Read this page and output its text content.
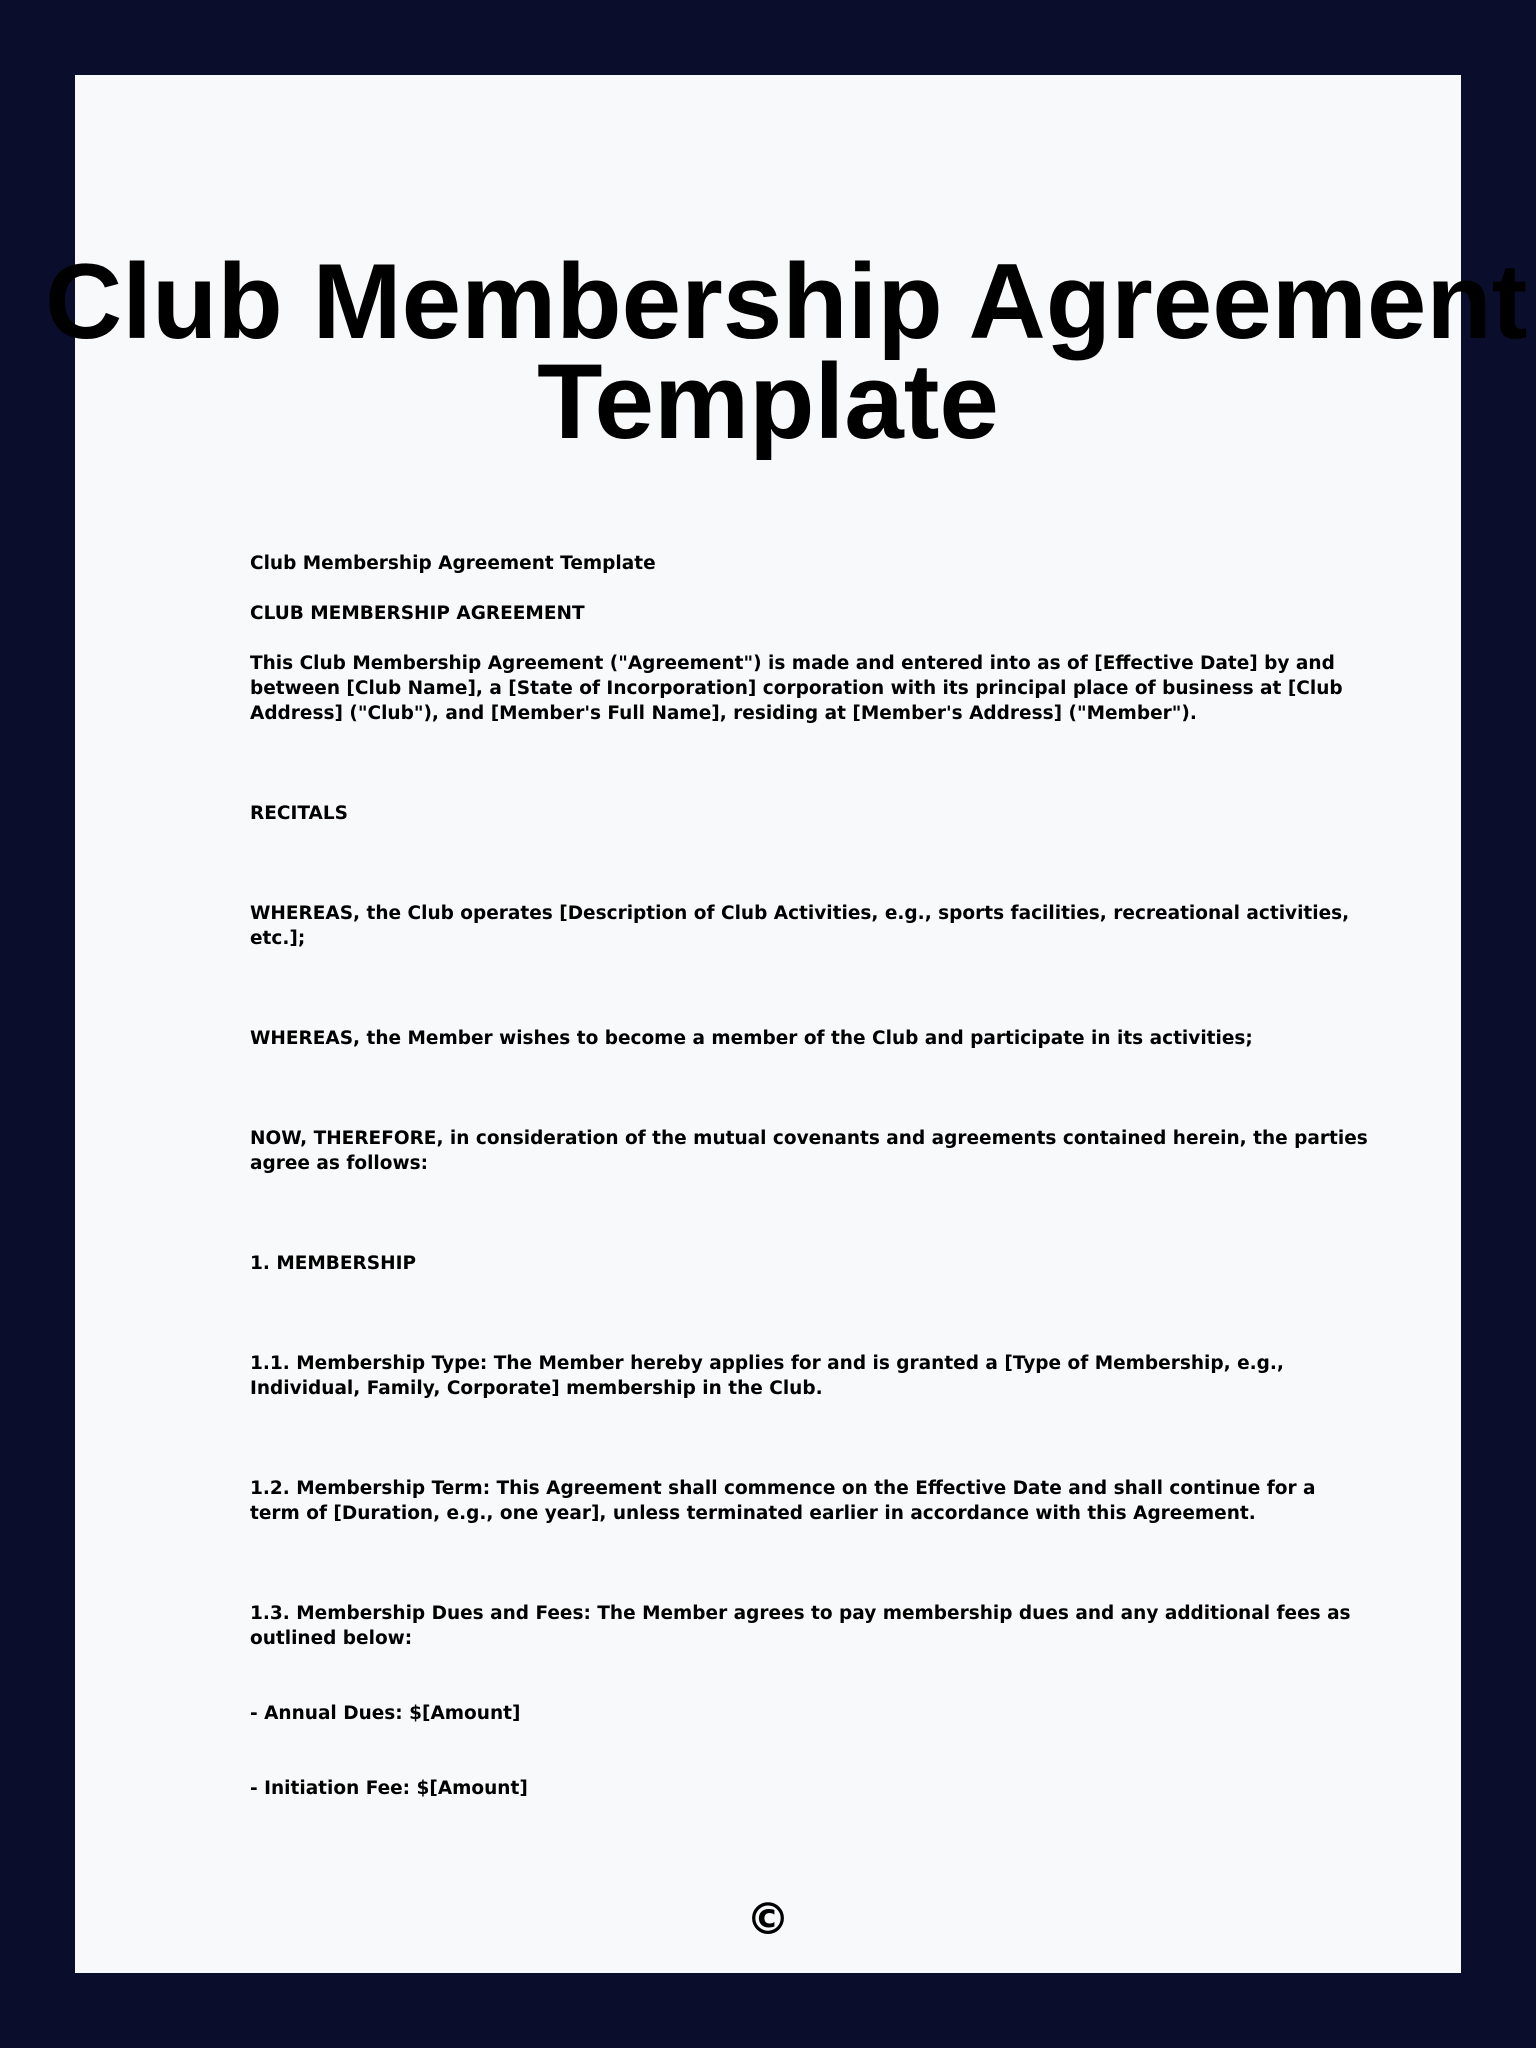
Club Membership Agreement
Template

Club Membership Agreement Template

CLUB MEMBERSHIP AGREEMENT

This Club Membership Agreement ("Agreement") is made and entered into as of [Effective Date] by and between [Club Name], a [State of Incorporation] corporation with its principal place of business at [Club Address] ("Club"), and [Member's Full Name], residing at [Member's Address] ("Member").

RECITALS

WHEREAS, the Club operates [Description of Club Activities, e.g., sports facilities, recreational activities, etc.];

WHEREAS, the Member wishes to become a member of the Club and participate in its activities;

NOW, THEREFORE, in consideration of the mutual covenants and agreements contained herein, the parties agree as follows:

1. MEMBERSHIP

1.1. Membership Type: The Member hereby applies for and is granted a [Type of Membership, e.g., Individual, Family, Corporate] membership in the Club.

1.2. Membership Term: This Agreement shall commence on the Effective Date and shall continue for a term of [Duration, e.g., one year], unless terminated earlier in accordance with this Agreement.

1.3. Membership Dues and Fees: The Member agrees to pay membership dues and any additional fees as outlined below:

- Annual Dues: $[Amount]

- Initiation Fee: $[Amount]

©
